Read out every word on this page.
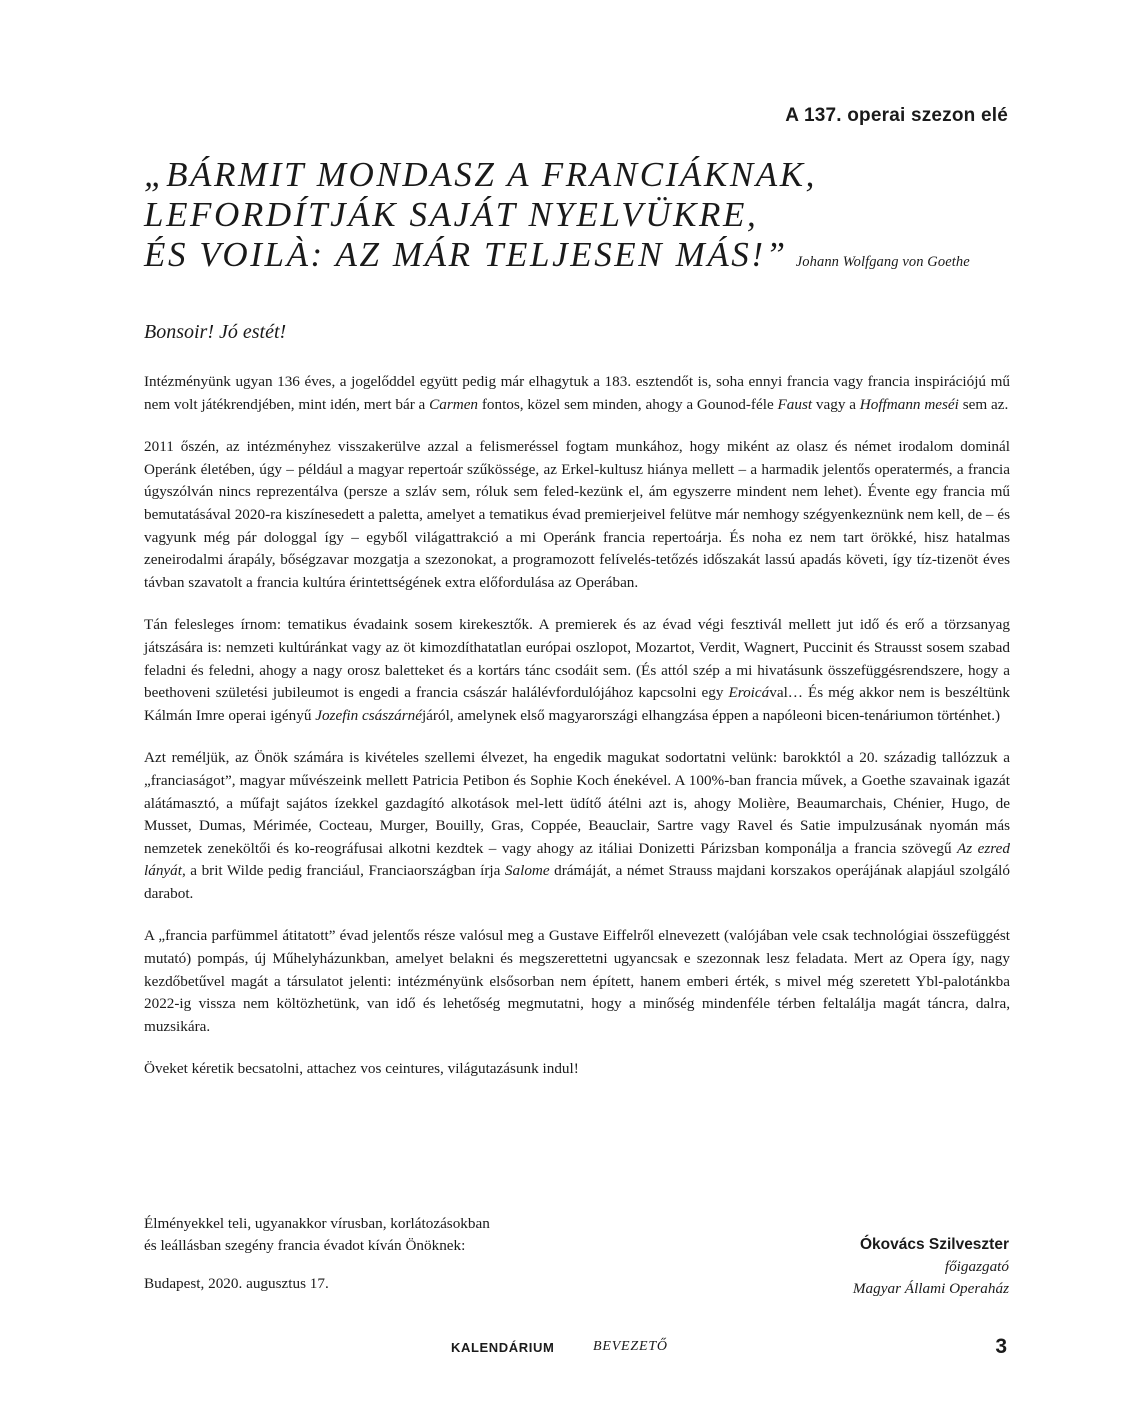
A 137. operai szezon elé
„BÁRMIT MONDASZ A FRANCIÁKNAK,
LEFORDÍTJÁK SAJÁT NYELVÜKRE,
ÉS VOILÀ: AZ MÁR TELJESEN MÁS!” Johann Wolfgang von Goethe
Bonsoir! Jó estét!

Intézményünk ugyan 136 éves, a jogelőddel együtt pedig már elhagytuk a 183. esztendőt is, soha ennyi francia vagy francia inspirációjú mű nem volt játékrendjében, mint idén, mert bár a Carmen fontos, közel sem minden, ahogy a Gounod-féle Faust vagy a Hoffmann meséi sem az.

2011 őszén, az intézményhez visszakerülve azzal a felismeréssel fogtam munkához, hogy miként az olasz és német irodalom dominál Operánk életében, úgy – például a magyar repertoár szűkössége, az Erkel-kultusz hiánya mellett – a harmadik jelentős operatermés, a francia úgyszólván nincs reprezentálva (persze a szláv sem, róluk sem feled-kezünk el, ám egyszerre mindent nem lehet). Évente egy francia mű bemutatásával 2020-ra kiszínesedett a paletta, amelyet a tematikus évad premierjeivel felütve már nemhogy szégyenkeznünk nem kell, de – és vagyunk még pár dologgal így – egyből világattrakció a mi Operánk francia repertoárja. És noha ez nem tart örökké, hisz hatalmas zeneirodalmi árapály, bőségzavar mozgatja a szezonokat, a programozott felívelés-tetőzés időszakát lassú apadás követi, így tíz-tizenöt éves távban szavatolt a francia kultúra érintettségének extra előfordulása az Operában.

Tán felesleges írnom: tematikus évadaink sosem kirekesztők. A premierek és az évad végi fesztivál mellett jut idő és erő a törzsanyag játszására is: nemzeti kultúránkat vagy az öt kimozdíthatatlan európai oszlopot, Mozartot, Verdit, Wagnert, Puccinit és Strausst sosem szabad feladni és feledni, ahogy a nagy orosz baletteket és a kortárs tánc csodáit sem. (És attól szép a mi hivatásunk összefüggésrendszere, hogy a beethoveni születési jubileumot is engedi a francia császár halálévfordulójához kapcsolni egy Eroicával… És még akkor nem is beszéltünk Kálmán Imre operai igényű Jozefin császárnéjáról, amelynek első magyarországi elhangzása éppen a napóleoni bicen-tenáriumon történhet.)

Azt reméljük, az Önök számára is kivételes szellemi élvezet, ha engedik magukat sodortatni velünk: barokktól a 20. századig tallózzuk a „franciaságot”, magyar művészeink mellett Patricia Petibon és Sophie Koch énekével. A 100%-ban francia művek, a Goethe szavainak igazát alátámasztó, a műfajt sajátos ízekkel gazdagító alkotások mel-lett üdítő átélni azt is, ahogy Molière, Beaumarchais, Chénier, Hugo, de Musset, Dumas, Mérimée, Cocteau, Murger, Bouilly, Gras, Coppée, Beauclair, Sartre vagy Ravel és Satie impulzusának nyomán más nemzetek zeneköltői és ko-reográfusai alkotni kezdtek – vagy ahogy az itáliai Donizetti Párizsban komponálja a francia szövegű Az ezred lányát, a brit Wilde pedig franciául, Franciaországban írja Salome drámáját, a német Strauss majdani korszakos operájának alapjául szolgáló darabot.

A „francia parfümmel átitatott” évad jelentős része valósul meg a Gustave Eiffelről elnevezett (valójában vele csak technológiai összefüggést mutató) pompás, új Műhelyházunkban, amelyet belakni és megszerettetni ugyancsak e szezonnak lesz feladata. Mert az Opera így, nagy kezdőbetűvel magát a társulatot jelenti: intézményünk elsősorban nem épített, hanem emberi érték, s mivel még szeretett Ybl-palotánkba 2022-ig vissza nem költözhetünk, van idő és lehetőség megmutatni, hogy a minőség mindenféle térben feltalálja magát táncra, dalra, muzsikára.

Öveket kéretik becsatolni, attachez vos ceintures, világutazásunk indul!

Élményekkel teli, ugyanakkor vírusban, korlátozásokban
és leállásban szegény francia évadot kíván Önöknek:
Budapest, 2020. augusztus 17.
Ókovács Szilveszter
főigazgató
Magyar Állami Operaház
KALENDÁRIUM	BEVEZETŐ	3
